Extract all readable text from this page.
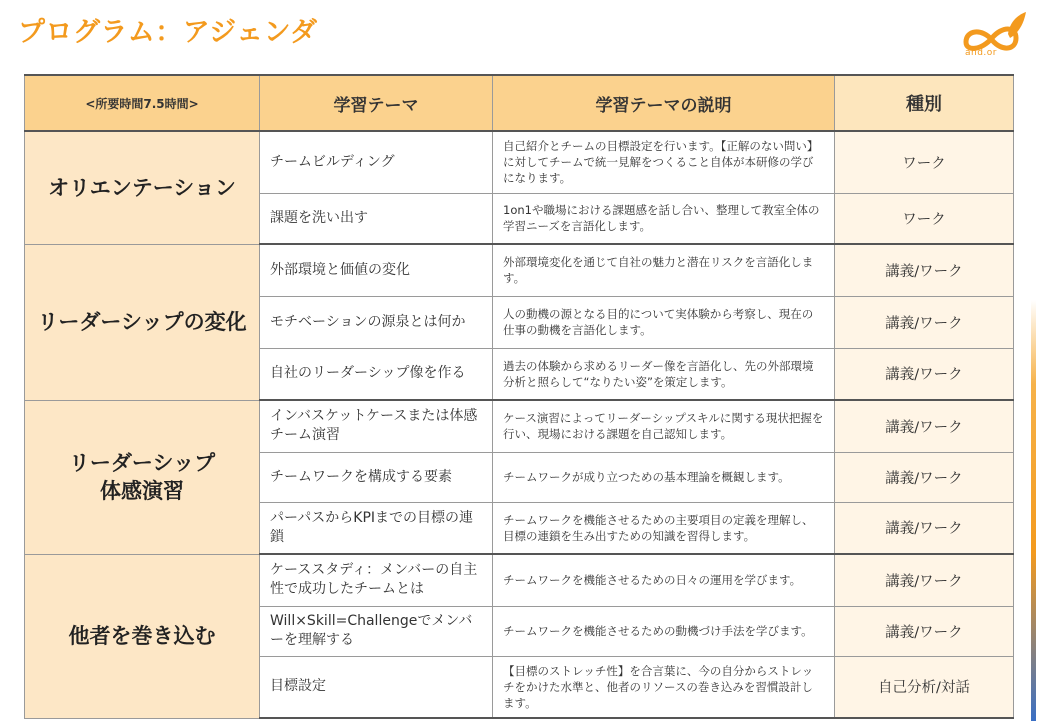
プログラム：アジェンダ
and.or
<所要時間7.5時間>	学習テーマ	学習テーマの説明	種別
オリエンテーション	チームビルディング	自己紹介とチームの目標設定を行います。【正解のない問い】に対してチームで統一見解をつくること自体が本研修の学びになります。	ワーク
	課題を洗い出す	1on1や職場における課題感を話し合い、整理して教室全体の学習ニーズを言語化します。	ワーク
リーダーシップの変化	外部環境と価値の変化	外部環境変化を通じて自社の魅力と潜在リスクを言語化します。	講義/ワーク
	モチベーションの源泉とは何か	人の動機の源となる目的について実体験から考察し、現在の仕事の動機を言語化します。	講義/ワーク
	自社のリーダーシップ像を作る	過去の体験から求めるリーダー像を言語化し、先の外部環境分析と照らして“なりたい姿”を策定します。	講義/ワーク
リーダーシップ
体感演習	インバスケットケースまたは体感チーム演習	ケース演習によってリーダーシップスキルに関する現状把握を行い、現場における課題を自己認知します。	講義/ワーク
	チームワークを構成する要素	チームワークが成り立つための基本理論を概観します。	講義/ワーク
	パーパスからKPIまでの目標の連鎖	チームワークを機能させるための主要項目の定義を理解し、目標の連鎖を生み出すための知識を習得します。	講義/ワーク
他者を巻き込む	ケーススタディ：メンバーの自主性で成功したチームとは	チームワークを機能させるための日々の運用を学びます。	講義/ワーク
	Will×Skill=Challengeでメンバーを理解する	チームワークを機能させるための動機づけ手法を学びます。	講義/ワーク
	目標設定	【目標のストレッチ性】を合言葉に、今の自分からストレッチをかけた水準と、他者のリソースの巻き込みを習慣設計します。	自己分析/対話
